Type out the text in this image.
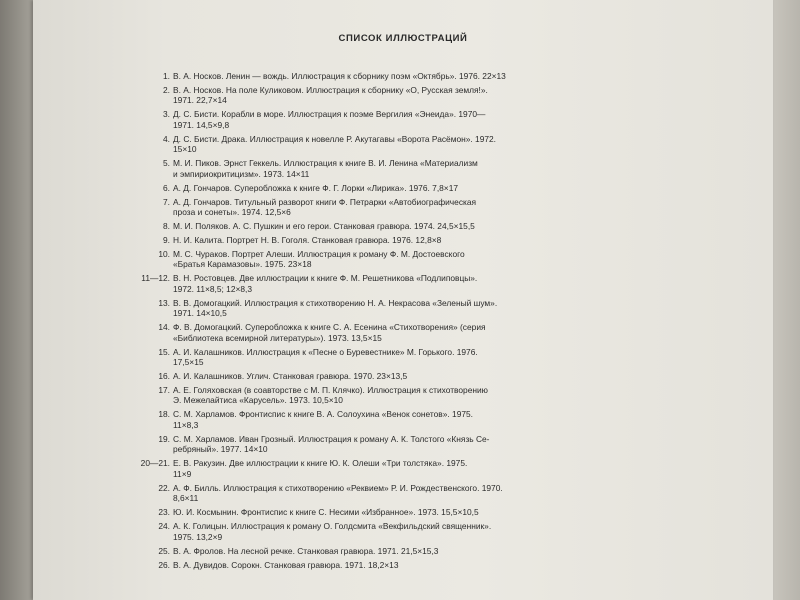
СПИСОК ИЛЛЮСТРАЦИЙ
1. В. А. Носков. Ленин — вождь. Иллюстрация к сборнику поэм «Октябрь». 1976. 22×13
2. В. А. Носков. На поле Куликовом. Иллюстрация к сборнику «О, Русская земля!».
1971. 22,7×14
3. Д. С. Бисти. Корабли в море. Иллюстрация к поэме Вергилия «Энеида». 1970—
1971. 14,5×9,8
4. Д. С. Бисти. Драка. Иллюстрация к новелле Р. Акутагавы «Ворота Расёмон». 1972.
15×10
5. М. И. Пиков. Эрнст Геккель. Иллюстрация к книге В. И. Ленина «Материализм
и эмпириокритицизм». 1973. 14×11
6. А. Д. Гончаров. Суперобложка к книге Ф. Г. Лорки «Лирика». 1976. 7,8×17
7. А. Д. Гончаров. Титульный разворот книги Ф. Петрарки «Автобиографическая
проза и сонеты». 1974. 12,5×6
8. М. И. Поляков. А. С. Пушкин и его герои. Станковая гравюра. 1974. 24,5×15,5
9. Н. И. Калита. Портрет Н. В. Гоголя. Станковая гравюра. 1976. 12,8×8
10. М. С. Чураков. Портрет Алеши. Иллюстрация к роману Ф. М. Достоевского
«Братья Карамазовы». 1975. 23×18
11—12. В. Н. Ростовцев. Две иллюстрации к книге Ф. М. Решетникова «Подлиповцы».
1972. 11×8,5; 12×8,3
13. В. В. Домогацкий. Иллюстрация к стихотворению Н. А. Некрасова «Зеленый шум».
1971. 14×10,5
14. Ф. В. Домогацкий. Суперобложка к книге С. А. Есенина «Стихотворения» (серия
«Библиотека всемирной литературы»). 1973. 13,5×15
15. А. И. Калашников. Иллюстрация к «Песне о Буревестнике» М. Горького. 1976.
17,5×15
16. А. И. Калашников. Углич. Станковая гравюра. 1970. 23×13,5
17. А. Е. Голяховская (в соавторстве с М. П. Клячко). Иллюстрация к стихотворению
Э. Межелайтиса «Карусель». 1973. 10,5×10
18. С. М. Харламов. Фронтиспис к книге В. А. Солоухина «Венок сонетов». 1975.
11×8,3
19. С. М. Харламов. Иван Грозный. Иллюстрация к роману А. К. Толстого «Князь Се-
ребряный». 1977. 14×10
20—21. Е. В. Ракузин. Две иллюстрации к книге Ю. К. Олеши «Три толстяка». 1975.
11×9
22. А. Ф. Билль. Иллюстрация к стихотворению «Реквием» Р. И. Рождественского. 1970.
8,6×11
23. Ю. И. Космынин. Фронтиспис к книге С. Несими «Избранное». 1973. 15,5×10,5
24. А. К. Голицын. Иллюстрация к роману О. Голдсмита «Векфильдский священник».
1975. 13,2×9
25. В. А. Фролов. На лесной речке. Станковая гравюра. 1971. 21,5×15,3
26. В. А. Дувидов. Сорокн. Станковая гравюра. 1971. 18,2×13
